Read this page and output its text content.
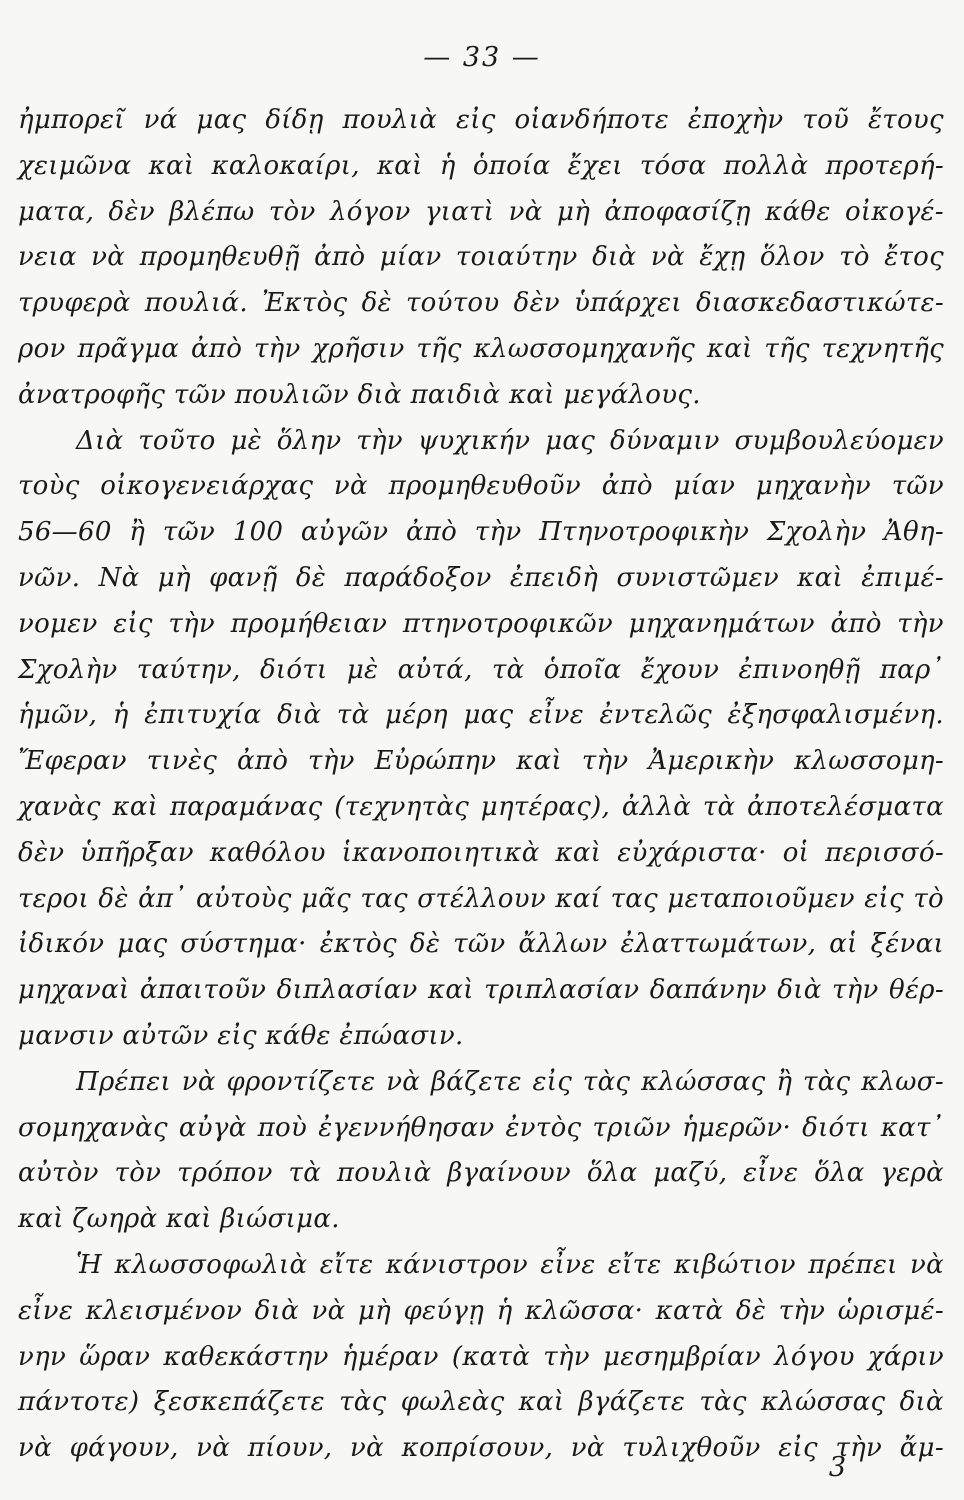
— 33 —
ἠμπορεῖ νά μας δίδῃ πουλιὰ εἰς οἱανδήποτε ἐποχὴν τοῦ ἔτους
χειμῶνα καὶ καλοκαίρι, καὶ ἡ ὁποία ἔχει τόσα πολλὰ προτερή-
ματα, δὲν βλέπω τὸν λόγον γιατὶ νὰ μὴ ἀποφασίζῃ κάθε οἰκογέ-
νεια νὰ προμηθευθῇ ἀπὸ μίαν τοιαύτην διὰ νὰ ἔχῃ ὅλον τὸ ἔτος
τρυφερὰ πουλιά. Ἐκτὸς δὲ τούτου δὲν ὑπάρχει διασκεδαστικώτε-
ρον πρᾶγμα ἀπὸ τὴν χρῆσιν τῆς κλωσσομηχανῆς καὶ τῆς τεχνητῆς
ἀνατροφῆς τῶν πουλιῶν διὰ παιδιὰ καὶ μεγάλους.
Διὰ τοῦτο μὲ ὅλην τὴν ψυχικήν μας δύναμιν συμβουλεύομεν
τοὺς οἰκογενειάρχας νὰ προμηθευθοῦν ἀπὸ μίαν μηχανὴν τῶν
56—60 ἢ τῶν 100 αὐγῶν ἀπὸ τὴν Πτηνοτροφικὴν Σχολὴν Ἀθη-
νῶν. Νὰ μὴ φανῇ δὲ παράδοξον ἐπειδὴ συνιστῶμεν καὶ ἐπιμέ-
νομεν εἰς τὴν προμήθειαν πτηνοτροφικῶν μηχανημάτων ἀπὸ τὴν
Σχολὴν ταύτην, διότι μὲ αὐτά, τὰ ὁποῖα ἔχουν ἐπινοηθῇ παρ᾽
ἡμῶν, ἡ ἐπιτυχία διὰ τὰ μέρη μας εἶνε ἐντελῶς ἐξησφαλισμένη.
Ἔφεραν τινὲς ἀπὸ τὴν Εὐρώπην καὶ τὴν Ἀμερικὴν κλωσσομη-
χανὰς καὶ παραμάνας (τεχνητὰς μητέρας), ἀλλὰ τὰ ἀποτελέσματα
δὲν ὑπῆρξαν καθόλου ἱκανοποιητικὰ καὶ εὐχάριστα· οἱ περισσό-
τεροι δὲ ἀπ᾽ αὐτοὺς μᾶς τας στέλλουν καί τας μεταποιοῦμεν εἰς τὸ
ἰδικόν μας σύστημα· ἐκτὸς δὲ τῶν ἄλλων ἐλαττωμάτων, αἱ ξέναι
μηχαναὶ ἀπαιτοῦν διπλασίαν καὶ τριπλασίαν δαπάνην διὰ τὴν θέρ-
μανσιν αὐτῶν εἰς κάθε ἐπώασιν.
Πρέπει νὰ φροντίζετε νὰ βάζετε εἰς τὰς κλώσσας ἢ τὰς κλωσ-
σομηχανὰς αὐγὰ ποὺ ἐγεννήθησαν ἐντὸς τριῶν ἡμερῶν· διότι κατ᾽
αὐτὸν τὸν τρόπον τὰ πουλιὰ βγαίνουν ὅλα μαζύ, εἶνε ὅλα γερὰ
καὶ ζωηρὰ καὶ βιώσιμα.
Ἡ κλωσσοφωλιὰ εἴτε κάνιστρον εἶνε εἴτε κιβώτιον πρέπει νὰ
εἶνε κλεισμένον διὰ νὰ μὴ φεύγῃ ἡ κλῶσσα· κατὰ δὲ τὴν ὡρισμέ-
νην ὥραν καθεκάστην ἡμέραν (κατὰ τὴν μεσημβρίαν λόγου χάριν
πάντοτε) ξεσκεπάζετε τὰς φωλεὰς καὶ βγάζετε τὰς κλώσσας διὰ
νὰ φάγουν, νὰ πίουν, νὰ κοπρίσουν, νὰ τυλιχθοῦν εἰς τὴν ἄμ-
3
